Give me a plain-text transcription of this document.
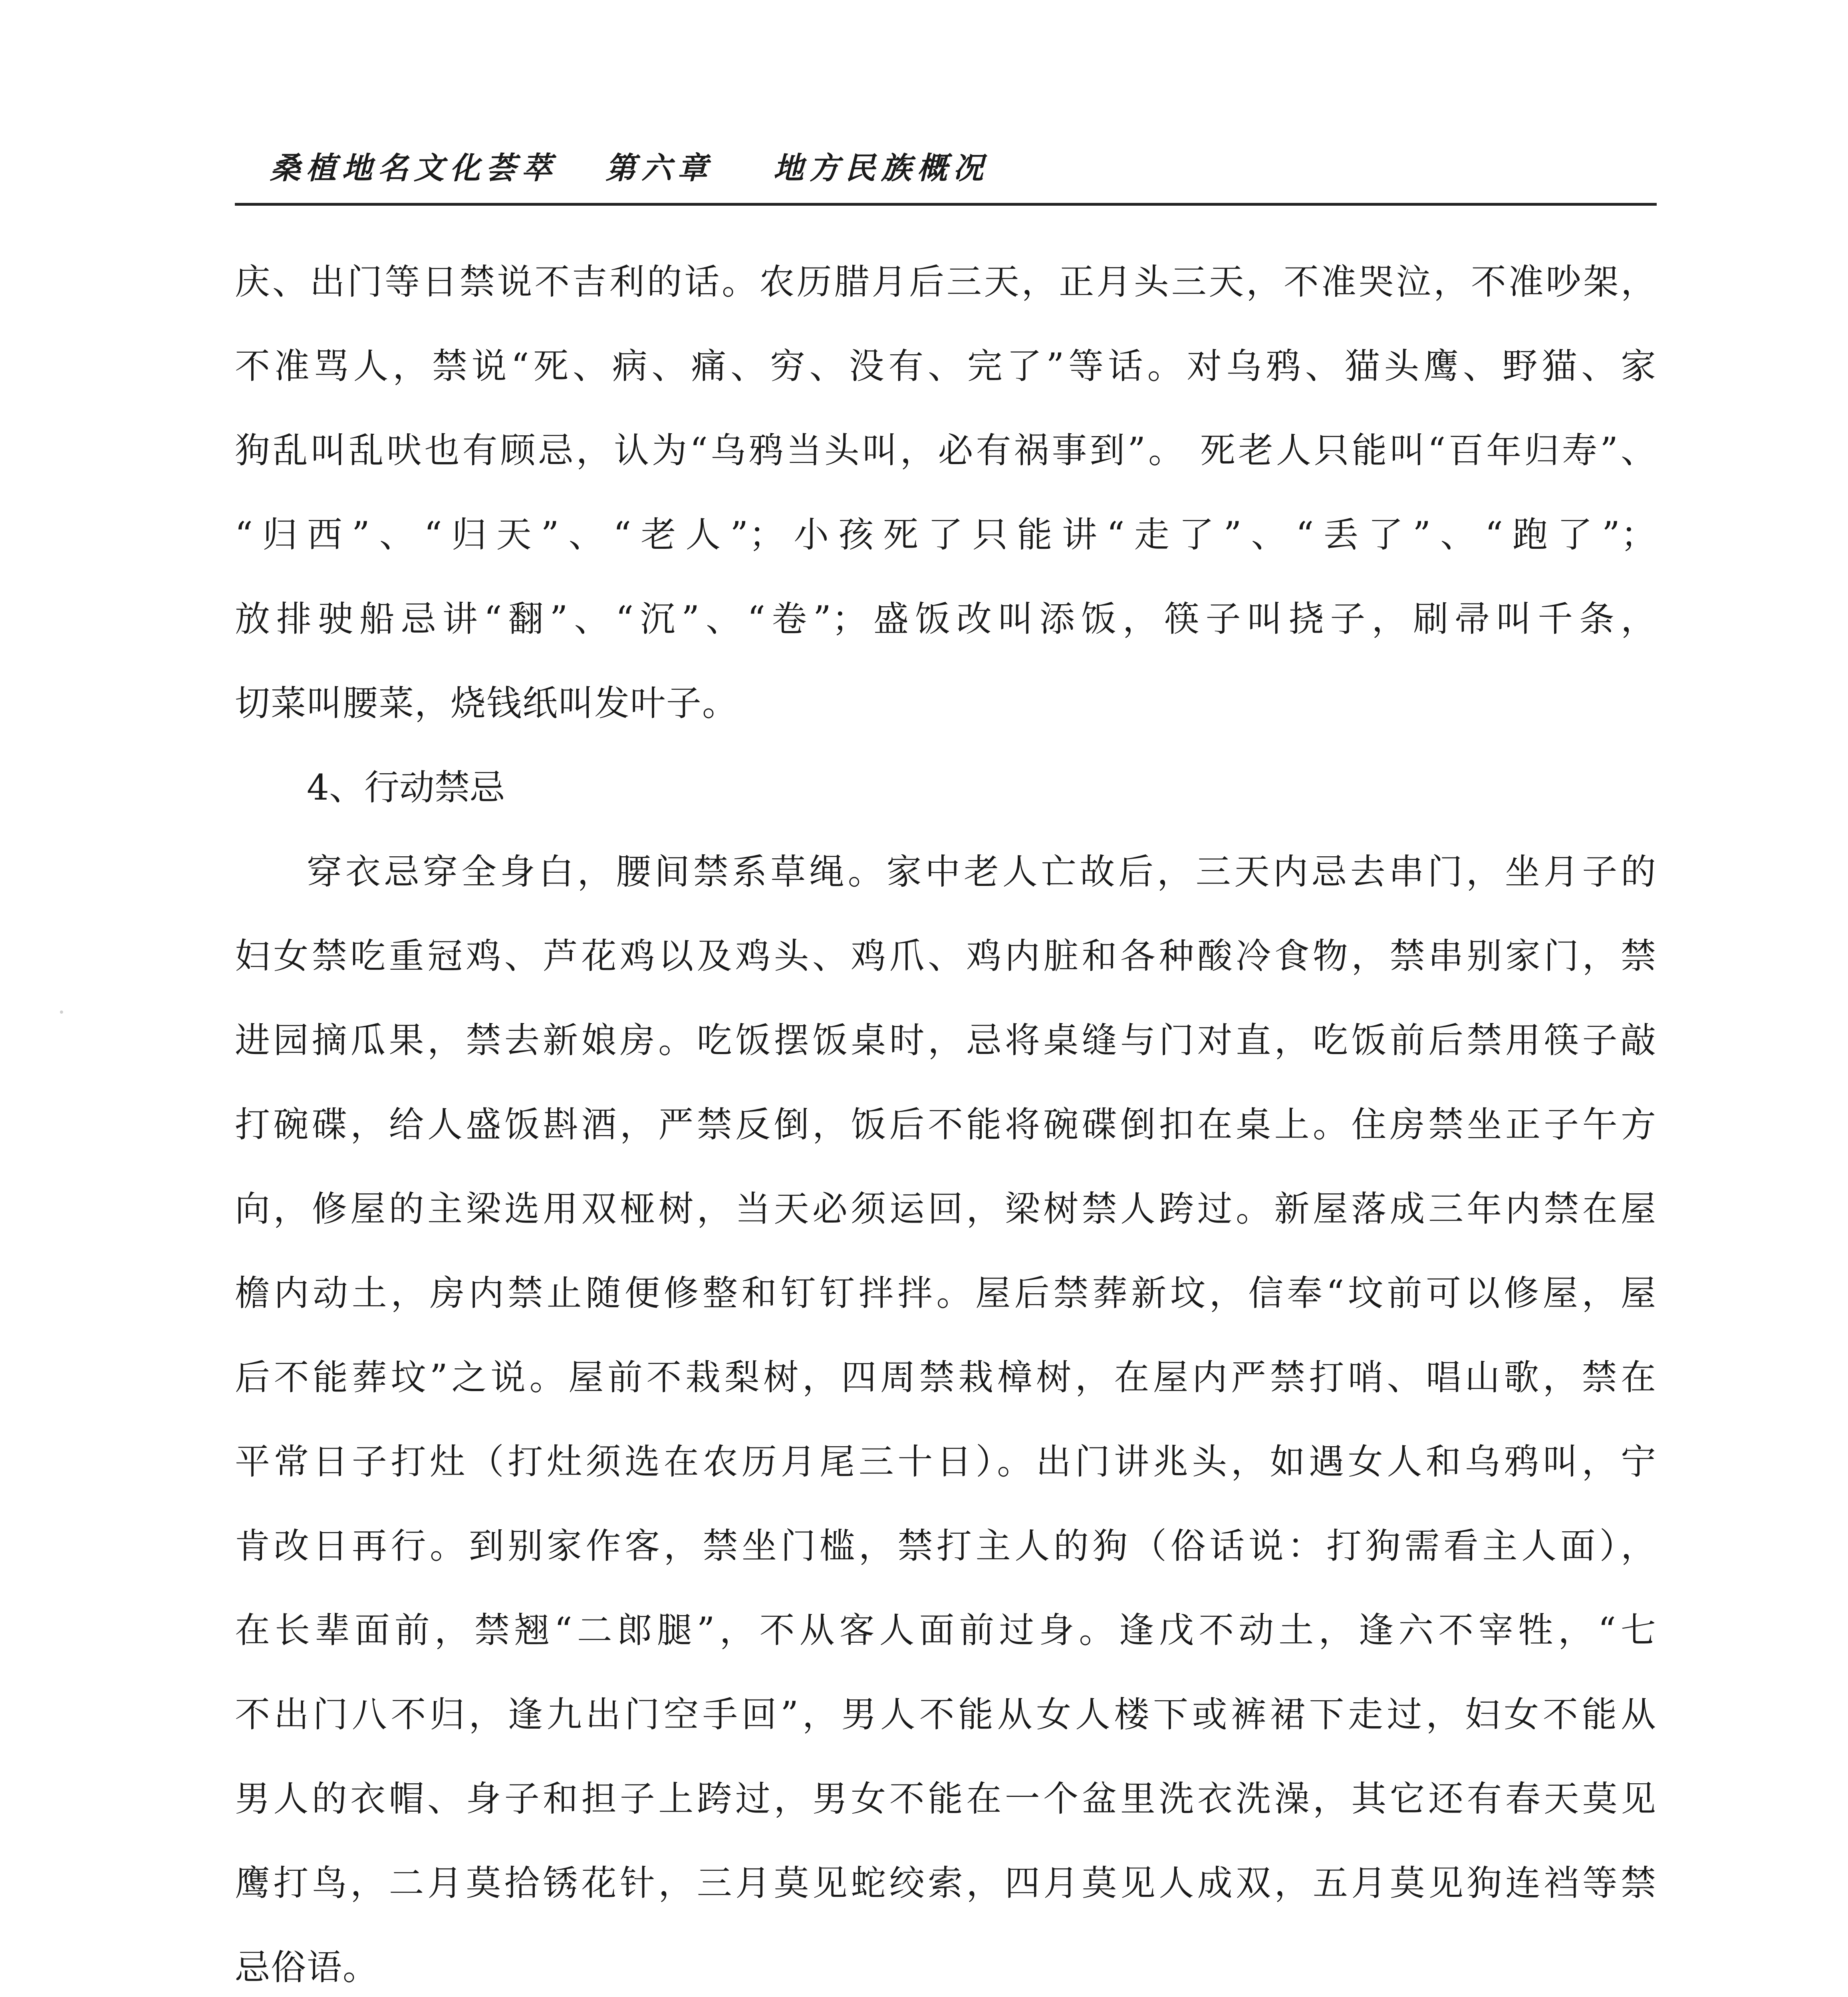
桑植地名文化荟萃 第六章 地方民族概况
庆、出门等日禁说不吉利的话。农历腊月后三天，正月头三天，不准哭泣，不准吵架，
不准骂人，禁说“死、病、痛、穷、没有、完了”等话。对乌鸦、猫头鹰、野猫、家
狗乱叫乱吠也有顾忌，认为“乌鸦当头叫，必有祸事到”。 死老人只能叫“百年归寿”、
“归西”、“归天”、“老人”；小孩死了只能讲“走了”、“丢了”、“跑了”；
放排驶船忌讲“翻”、“沉”、“卷”；盛饭改叫添饭，筷子叫挠子，刷帚叫千条，
切菜叫腰菜，烧钱纸叫发叶子。
4、行动禁忌
穿衣忌穿全身白，腰间禁系草绳。家中老人亡故后，三天内忌去串门，坐月子的
妇女禁吃重冠鸡、芦花鸡以及鸡头、鸡爪、鸡内脏和各种酸冷食物，禁串别家门，禁
进园摘瓜果，禁去新娘房。吃饭摆饭桌时，忌将桌缝与门对直，吃饭前后禁用筷子敲
打碗碟，给人盛饭斟酒，严禁反倒，饭后不能将碗碟倒扣在桌上。住房禁坐正子午方
向，修屋的主梁选用双桠树，当天必须运回，梁树禁人跨过。新屋落成三年内禁在屋
檐内动土，房内禁止随便修整和钉钉拌拌。屋后禁葬新坟，信奉“坟前可以修屋，屋
后不能葬坟”之说。屋前不栽梨树，四周禁栽樟树，在屋内严禁打哨、唱山歌，禁在
平常日子打灶（打灶须选在农历月尾三十日）。出门讲兆头，如遇女人和乌鸦叫，宁
肯改日再行。到别家作客，禁坐门槛，禁打主人的狗（俗话说：打狗需看主人面），
在长辈面前，禁翘“二郎腿”，不从客人面前过身。逢戊不动土，逢六不宰牲，“七
不出门八不归，逢九出门空手回”，男人不能从女人楼下或裤裙下走过，妇女不能从
男人的衣帽、身子和担子上跨过，男女不能在一个盆里洗衣洗澡，其它还有春天莫见
鹰打鸟，二月莫拾锈花针，三月莫见蛇绞索，四月莫见人成双，五月莫见狗连裆等禁
忌俗语。
